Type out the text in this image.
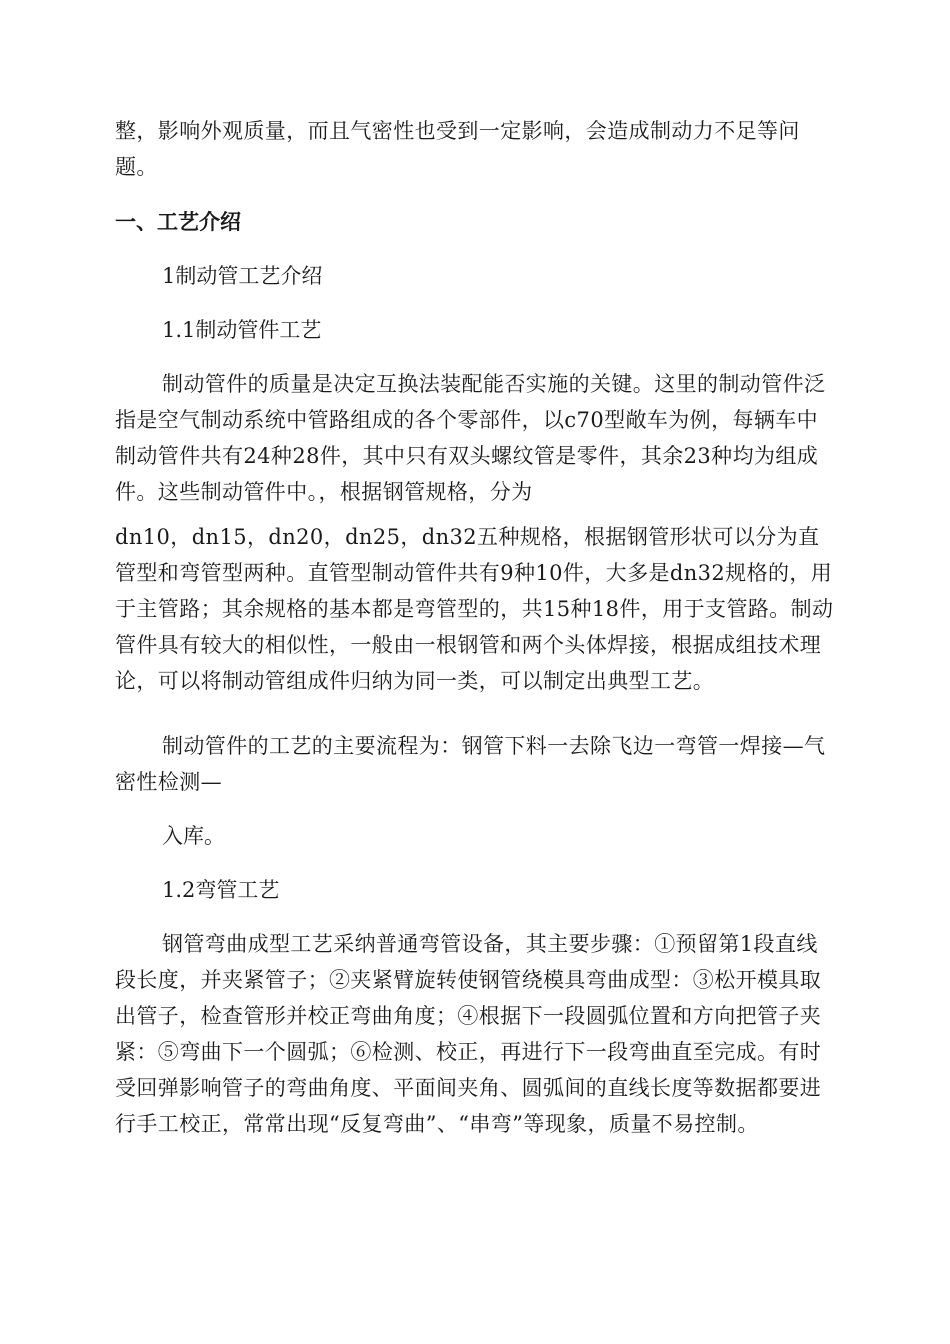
整，影响外观质量，而且气密性也受到一定影响，会造成制动力不足等问题。

一、工艺介绍

1制动管工艺介绍

1.1制动管件工艺

制动管件的质量是决定互换法装配能否实施的关键。这里的制动管件泛指是空气制动系统中管路组成的各个零部件，以c70型敞车为例，每辆车中制动管件共有24种28件，其中只有双头螺纹管是零件，其余23种均为组成件。这些制动管件中。，根据钢管规格，分为

dn10，dn15，dn20，dn25，dn32五种规格，根据钢管形状可以分为直管型和弯管型两种。直管型制动管件共有9种10件，大多是dn32规格的，用于主管路；其余规格的基本都是弯管型的，共15种18件，用于支管路。制动管件具有较大的相似性，一般由一根钢管和两个头体焊接，根据成组技术理论，可以将制动管组成件归纳为同一类，可以制定出典型工艺。

制动管件的工艺的主要流程为：钢管下料一去除飞边一弯管一焊接—气密性检测—

入库。

1.2弯管工艺

钢管弯曲成型工艺采纳普通弯管设备，其主要步骤：①预留第1段直线段长度，并夹紧管子；②夹紧臂旋转使钢管绕模具弯曲成型：③松开模具取出管子，检查管形并校正弯曲角度；④根据下一段圆弧位置和方向把管子夹紧：⑤弯曲下一个圆弧；⑥检测、校正，再进行下一段弯曲直至完成。有时受回弹影响管子的弯曲角度、平面间夹角、圆弧间的直线长度等数据都要进行手工校正，常常出现“反复弯曲”、“串弯”等现象，质量不易控制。
